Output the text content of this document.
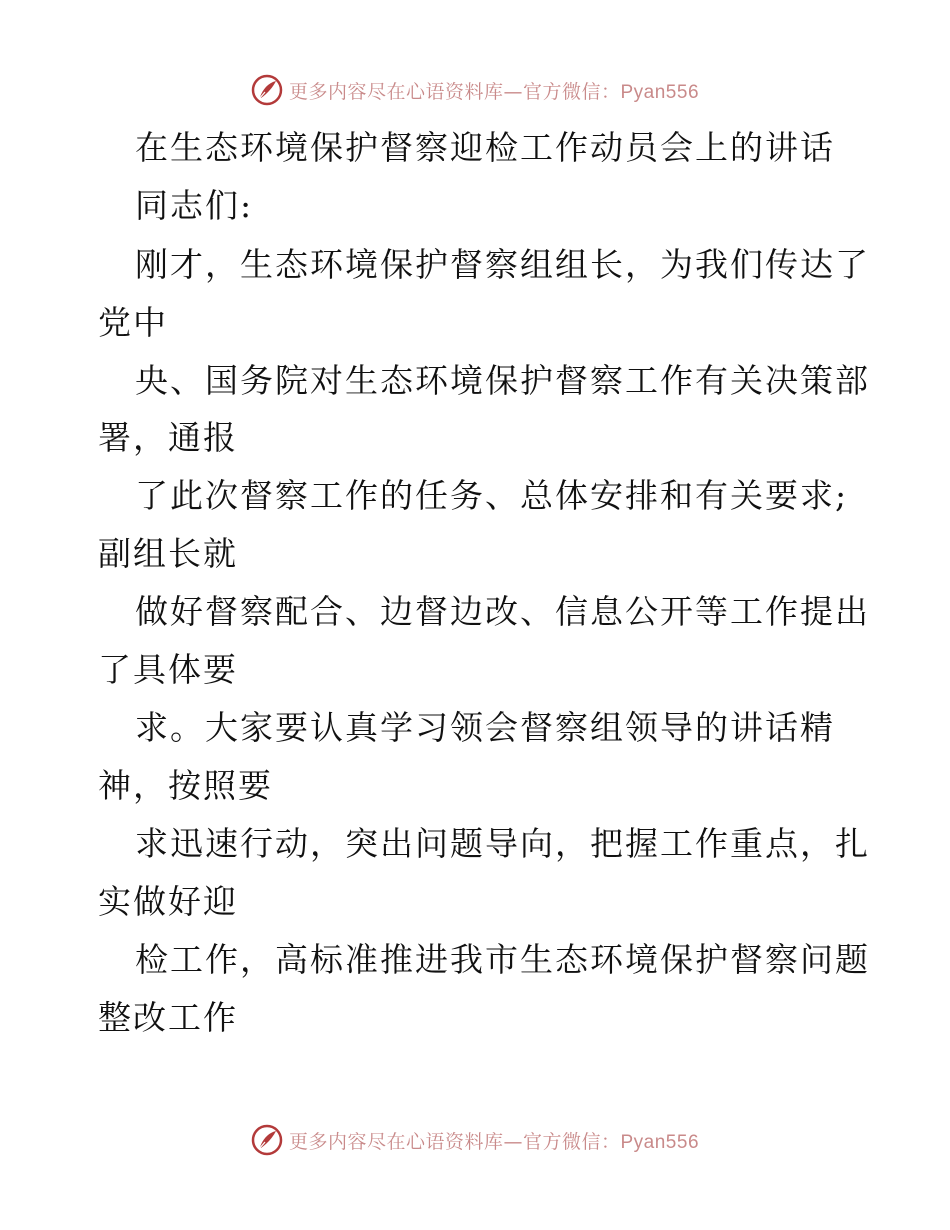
更多内容尽在心语资料库—官方微信：Pyan556
在生态环境保护督察迎检工作动员会上的讲话
同志们:
刚才，生态环境保护督察组组长，为我们传达了
党中
央、国务院对生态环境保护督察工作有关决策部
署，通报
了此次督察工作的任务、总体安排和有关要求;
副组长就
做好督察配合、边督边改、信息公开等工作提出
了具体要
求。大家要认真学习领会督察组领导的讲话精
神，按照要
求迅速行动，突出问题导向，把握工作重点，扎
实做好迎
检工作，高标准推进我市生态环境保护督察问题
整改工作
更多内容尽在心语资料库—官方微信：Pyan556
